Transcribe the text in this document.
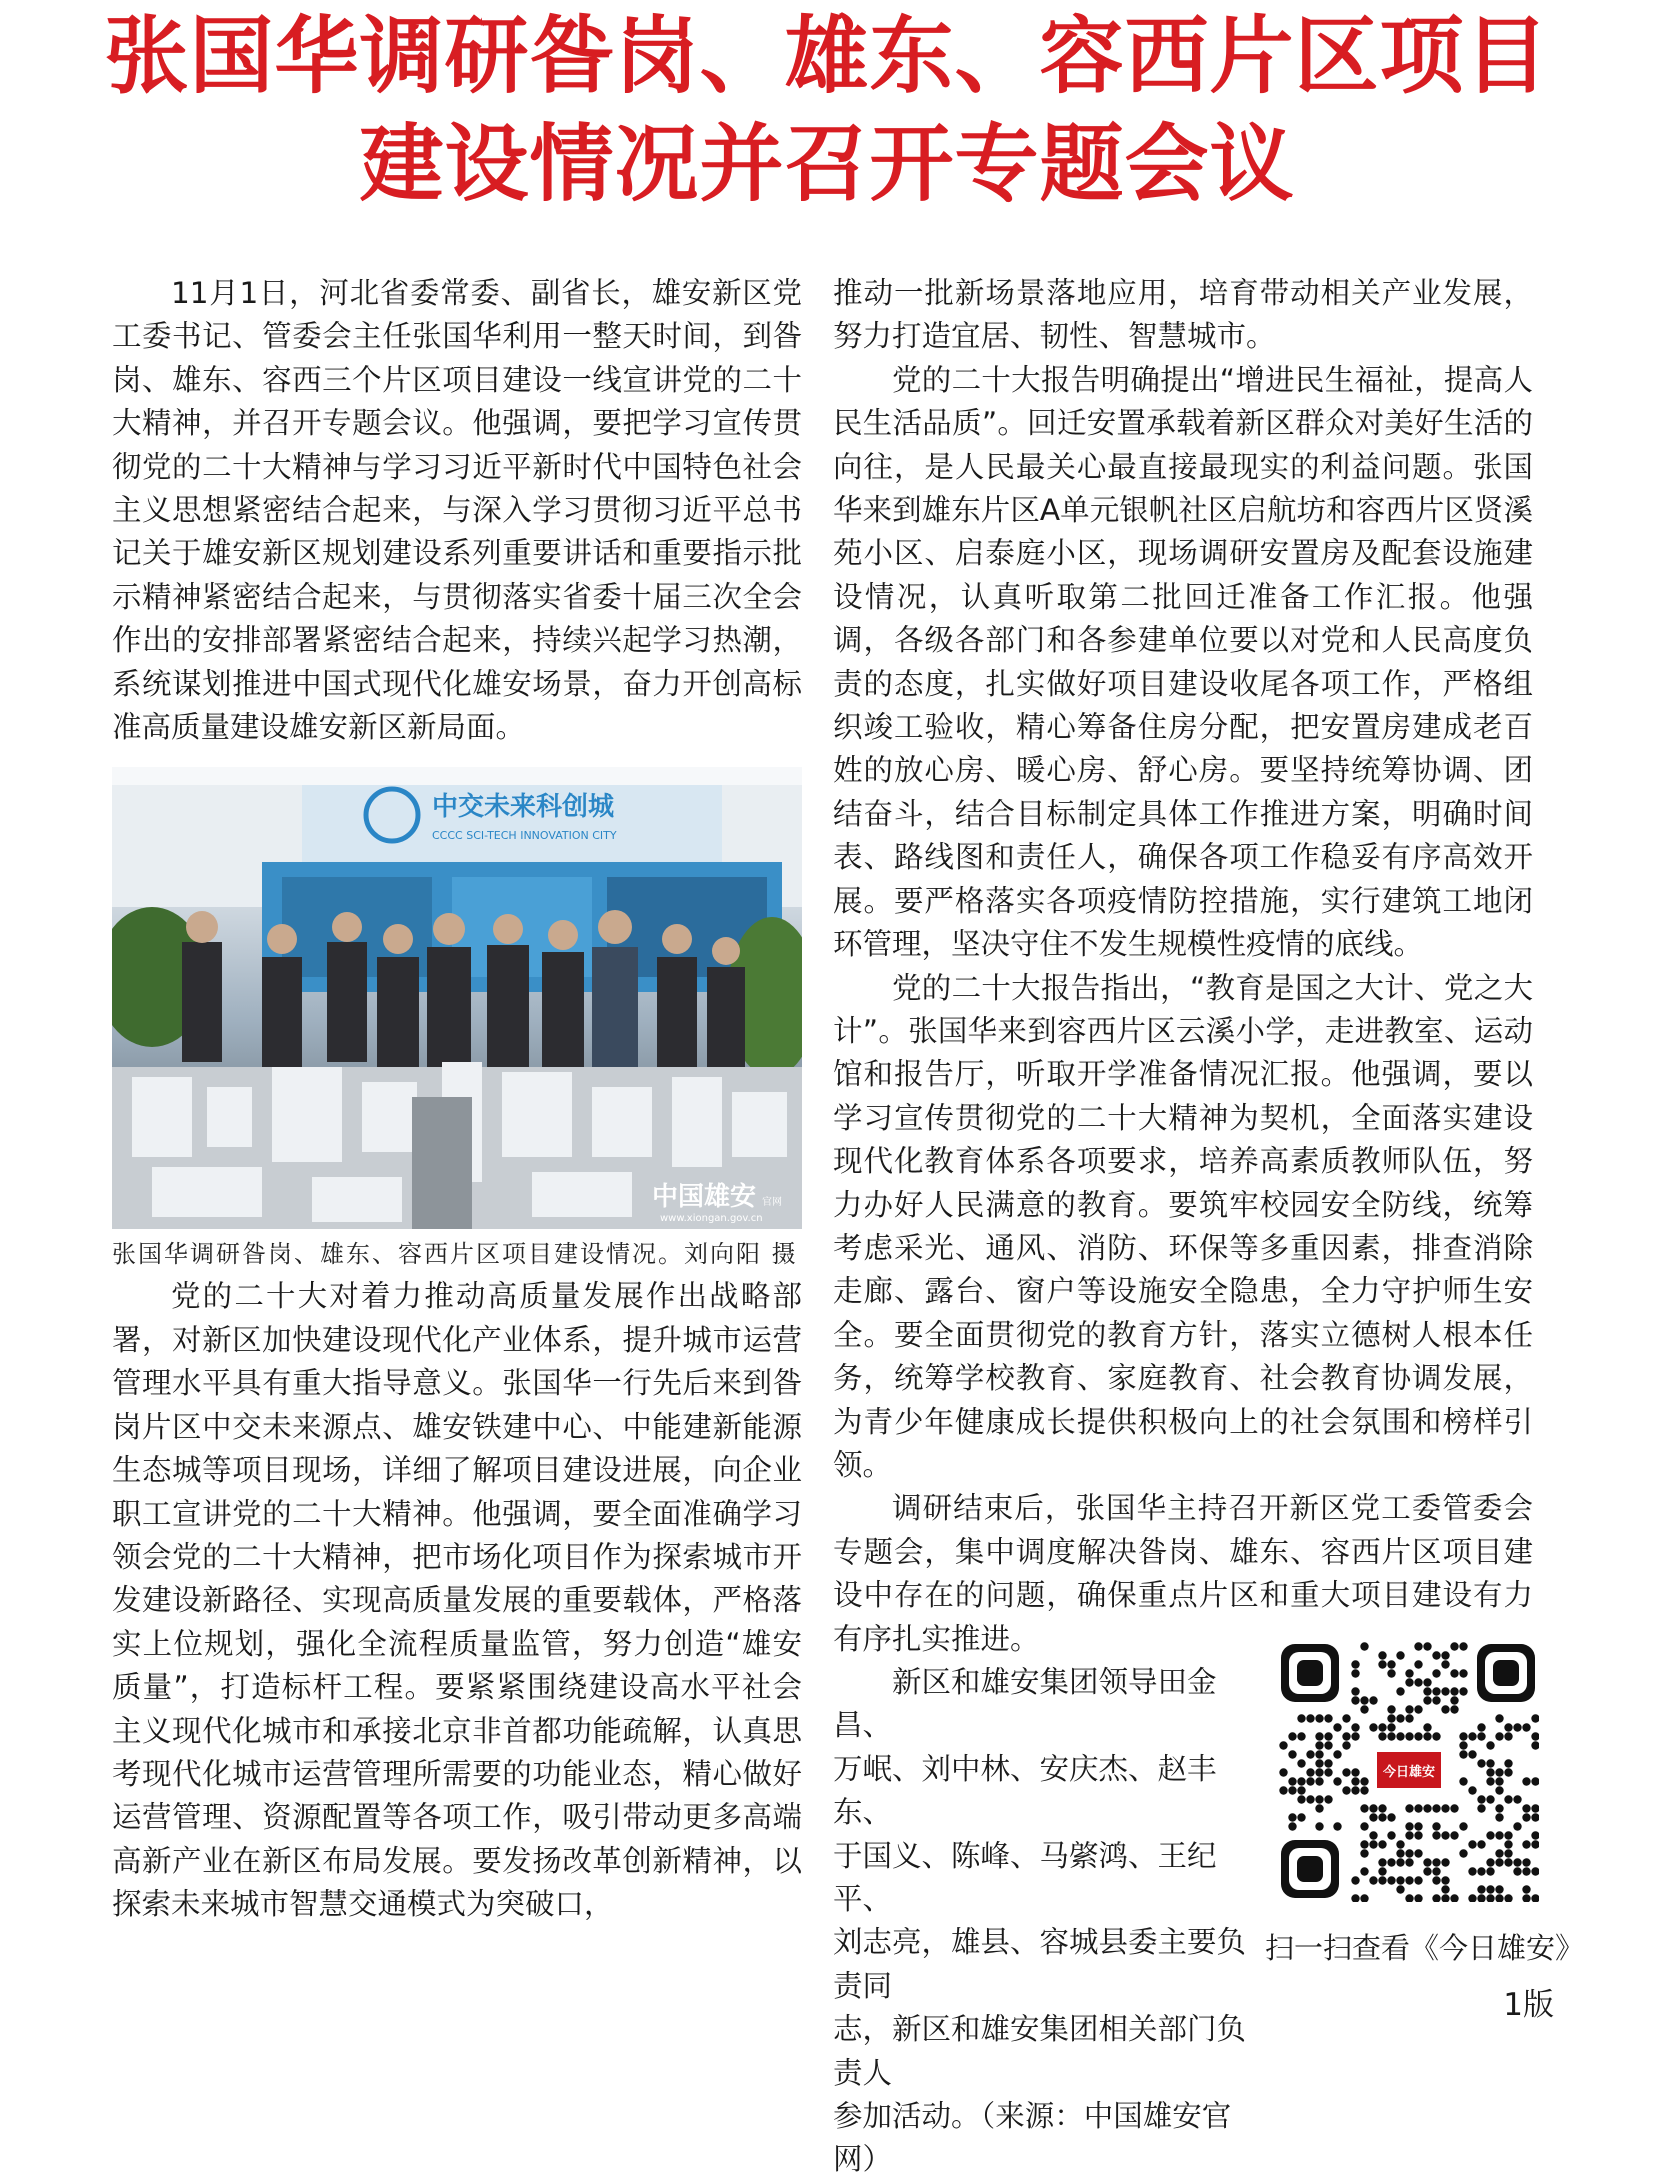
张国华调研昝岗、雄东、容西片区项目
建设情况并召开专题会议

11月1日，河北省委常委、副省长，雄安新区党工委书记、管委会主任张国华利用一整天时间，到昝岗、雄东、容西三个片区项目建设一线宣讲党的二十大精神，并召开专题会议。他强调，要把学习宣传贯彻党的二十大精神与学习习近平新时代中国特色社会主义思想紧密结合起来，与深入学习贯彻习近平总书记关于雄安新区规划建设系列重要讲话和重要指示批示精神紧密结合起来，与贯彻落实省委十届三次全会作出的安排部署紧密结合起来，持续兴起学习热潮，系统谋划推进中国式现代化雄安场景，奋力开创高标准高质量建设雄安新区新局面。

中交未来科创城
CCCC SCI-TECH INNOVATION CITY
中国雄安 官网
www.xiongan.gov.cn
张国华调研昝岗、雄东、容西片区项目建设情况。刘向阳 摄

党的二十大对着力推动高质量发展作出战略部署，对新区加快建设现代化产业体系，提升城市运营管理水平具有重大指导意义。张国华一行先后来到昝岗片区中交未来源点、雄安铁建中心、中能建新能源生态城等项目现场，详细了解项目建设进展，向企业职工宣讲党的二十大精神。他强调，要全面准确学习领会党的二十大精神，把市场化项目作为探索城市开发建设新路径、实现高质量发展的重要载体，严格落实上位规划，强化全流程质量监管，努力创造“雄安质量”，打造标杆工程。要紧紧围绕建设高水平社会主义现代化城市和承接北京非首都功能疏解，认真思考现代化城市运营管理所需要的功能业态，精心做好运营管理、资源配置等各项工作，吸引带动更多高端高新产业在新区布局发展。要发扬改革创新精神，以探索未来城市智慧交通模式为突破口，

推动一批新场景落地应用，培育带动相关产业发展，努力打造宜居、韧性、智慧城市。

党的二十大报告明确提出“增进民生福祉，提高人民生活品质”。回迁安置承载着新区群众对美好生活的向往，是人民最关心最直接最现实的利益问题。张国华来到雄东片区A单元银帆社区启航坊和容西片区贤溪苑小区、启泰庭小区，现场调研安置房及配套设施建设情况，认真听取第二批回迁准备工作汇报。他强调，各级各部门和各参建单位要以对党和人民高度负责的态度，扎实做好项目建设收尾各项工作，严格组织竣工验收，精心筹备住房分配，把安置房建成老百姓的放心房、暖心房、舒心房。要坚持统筹协调、团结奋斗，结合目标制定具体工作推进方案，明确时间表、路线图和责任人，确保各项工作稳妥有序高效开展。要严格落实各项疫情防控措施，实行建筑工地闭环管理，坚决守住不发生规模性疫情的底线。

党的二十大报告指出，“教育是国之大计、党之大计”。张国华来到容西片区云溪小学，走进教室、运动馆和报告厅，听取开学准备情况汇报。他强调，要以学习宣传贯彻党的二十大精神为契机，全面落实建设现代化教育体系各项要求，培养高素质教师队伍，努力办好人民满意的教育。要筑牢校园安全防线，统筹考虑采光、通风、消防、环保等多重因素，排查消除走廊、露台、窗户等设施安全隐患，全力守护师生安全。要全面贯彻党的教育方针，落实立德树人根本任务，统筹学校教育、家庭教育、社会教育协调发展，为青少年健康成长提供积极向上的社会氛围和榜样引领。

调研结束后，张国华主持召开新区党工委管委会专题会，集中调度解决昝岗、雄东、容西片区项目建设中存在的问题，确保重点片区和重大项目建设有力有序扎实推进。

新区和雄安集团领导田金昌、
万岷、刘中林、安庆杰、赵丰东、
于国义、陈峰、马綮鸿、王纪平、
刘志亮，雄县、容城县委主要负责同
志，新区和雄安集团相关部门负责人
参加活动。（来源：中国雄安官网）
今日雄安
扫一扫查看《今日雄安》
1版
